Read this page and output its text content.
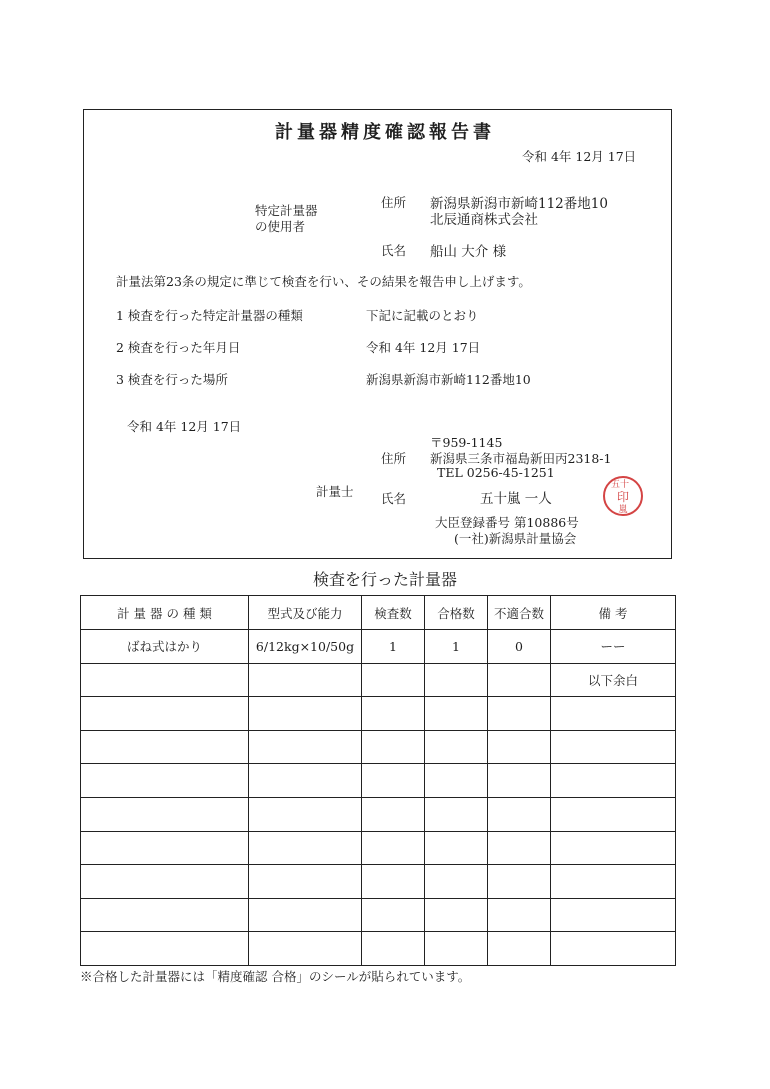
計量器精度確認報告書
令和 4年 12月 17日
特定計量器
の使用者
住所 新潟県新潟市新崎112番地10
北辰通商株式会社
氏名 船山 大介 様
計量法第23条の規定に準じて検査を行い、その結果を報告申し上げます。
1 検査を行った特定計量器の種類	下記に記載のとおり
2 検査を行った年月日	令和 4年 12月 17日
3 検査を行った場所	新潟県新潟市新崎112番地10
令和 4年 12月 17日
〒959-1145
住所 新潟県三条市福島新田丙2318-1
TEL 0256-45-1251
計量士 氏名	五十嵐 一人
大臣登録番号 第10886号
(一社)新潟県計量協会
五十
印
嵐
検査を行った計量器
計 量 器 の 種 類	型式及び能力	検査数	合格数	不適合数	備 考
ばね式はかり	6/12kg×10/50g	1	1	0	ーー
					以下余白

※合格した計量器には「精度確認 合格」のシールが貼られています。
